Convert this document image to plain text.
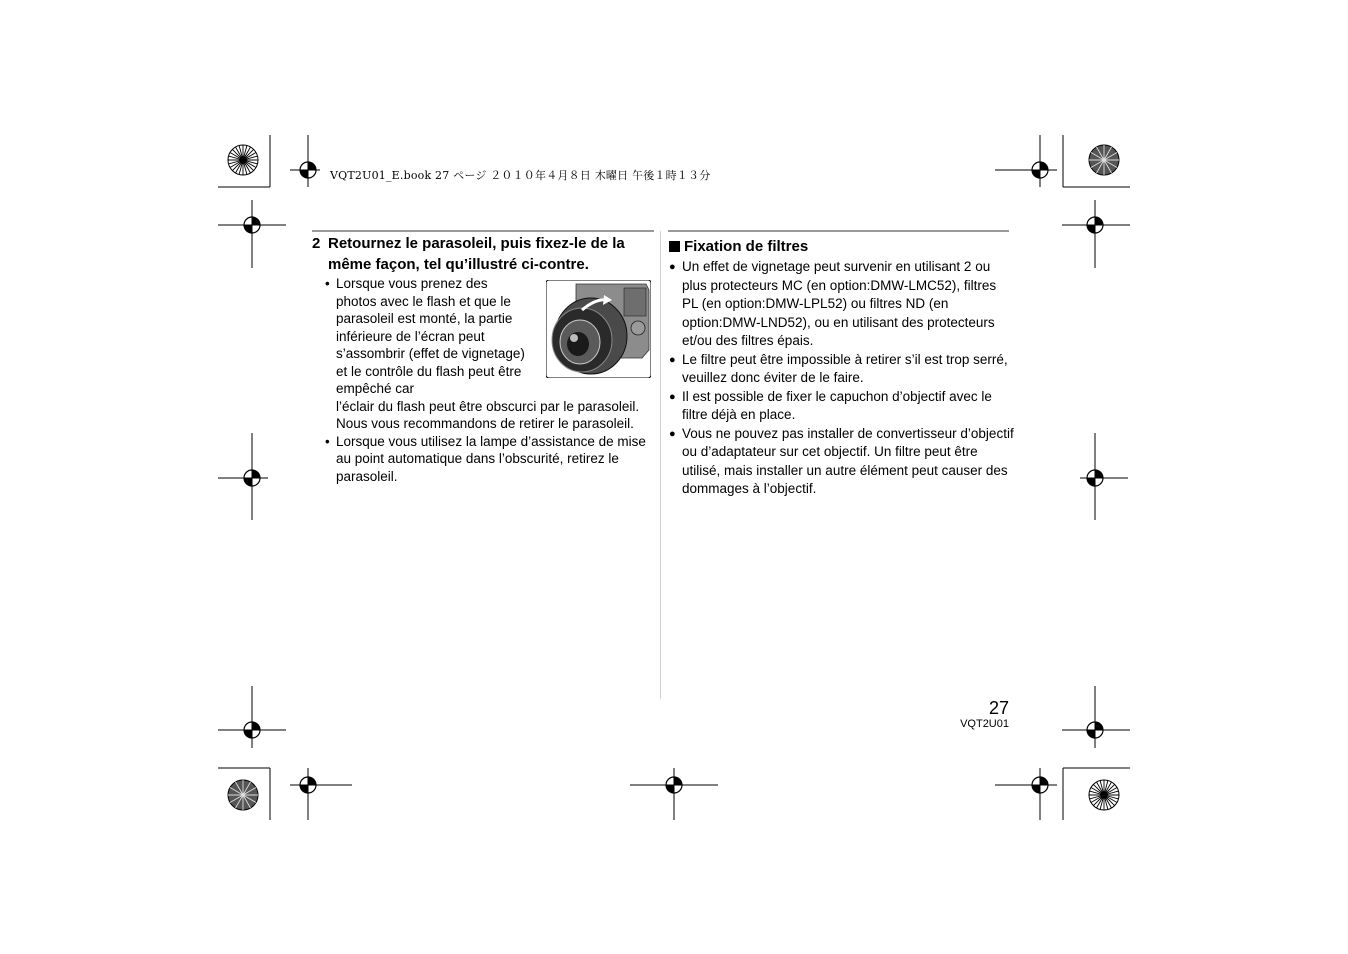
VQT2U01_E.book 27 ページ ２０１０年４月８日 木曜日 午後１時１３分
2 Retournez le parasoleil, puis fixez-le de la même façon, tel qu’illustré ci-contre.
• Lorsque vous prenez des photos avec le flash et que le parasoleil est monté, la partie inférieure de l’écran peut s’assombrir (effet de vignetage) et le contrôle du flash peut être empêché car
l’éclair du flash peut être obscurci par le parasoleil. Nous vous recommandons de retirer le parasoleil.
• Lorsque vous utilisez la lampe d’assistance de mise au point automatique dans l’obscurité, retirez le parasoleil.
Fixation de filtres
● Un effet de vignetage peut survenir en utilisant 2 ou plus protecteurs MC (en option:DMW-LMC52), filtres PL (en option:DMW-LPL52) ou filtres ND (en option:DMW-LND52), ou en utilisant des protecteurs et/ou des filtres épais.
● Le filtre peut être impossible à retirer s’il est trop serré, veuillez donc éviter de le faire.
● Il est possible de fixer le capuchon d’objectif avec le filtre déjà en place.
● Vous ne pouvez pas installer de convertisseur d’objectif ou d’adaptateur sur cet objectif. Un filtre peut être utilisé, mais installer un autre élément peut causer des dommages à l’objectif.
27
VQT2U01
